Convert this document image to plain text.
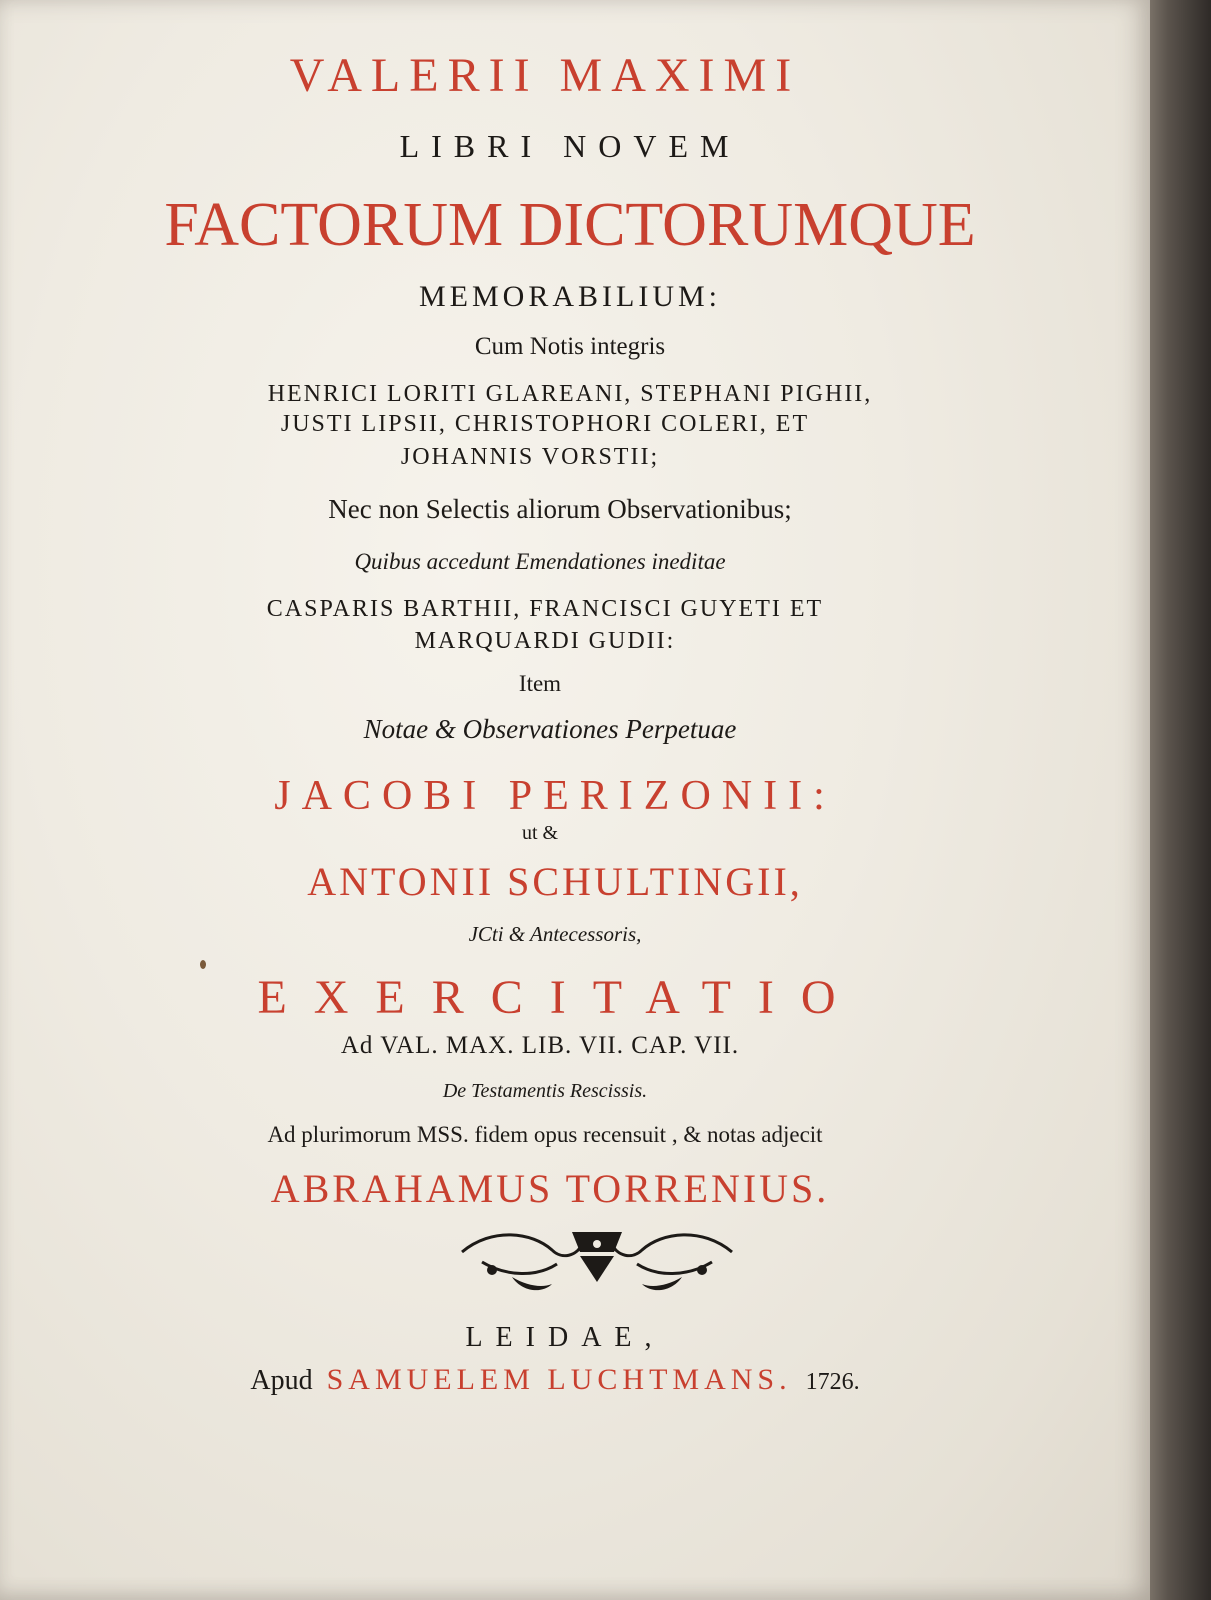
VALERII MAXIMI

LIBRI NOVEM

FACTORUM DICTORUMQUE

MEMORABILIUM:

Cum Notis integris

HENRICI LORITI GLAREANI, STEPHANI PIGHII,

JUSTI LIPSII, CHRISTOPHORI COLERI, ET

JOHANNIS VORSTII;

Nec non Selectis aliorum Observationibus;

Quibus accedunt Emendationes ineditae

CASPARIS BARTHII, FRANCISCI GUYETI ET

MARQUARDI GUDII:

Item

Notae & Observationes Perpetuae

JACOBI PERIZONII:

ut &

ANTONII SCHULTINGII,

JCti & Antecessoris,

EXERCITATIO

Ad VAL. MAX. LIB. VII. CAP. VII.

De Testamentis Rescissis.

Ad plurimorum MSS. fidem opus recensuit , & notas adjecit

ABRAHAMUS TORRENIUS.

LEIDAE,

Apud SAMUELEM LUCHTMANS. 1726.
